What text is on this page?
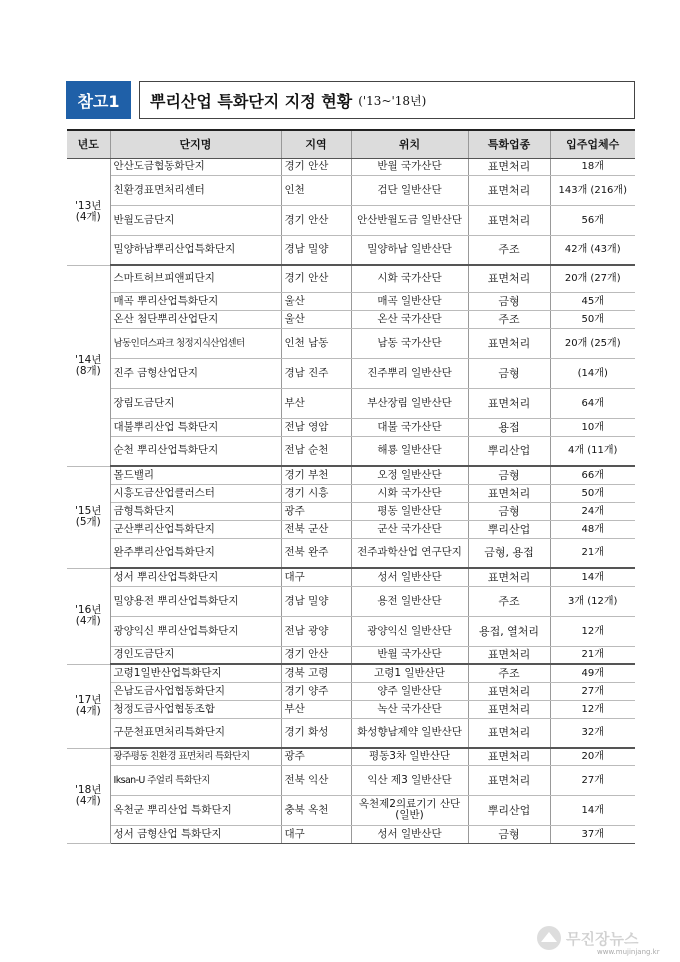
참고1	뿌리산업 특화단지 지정 현황 ('13~'18년)
년도	단지명	지역	위치	특화업종	입주업체수

'13년
(4개)	안산도금협동화단지	경기 안산	반월 국가산단	표면처리	18개
	친환경표면처리센터	인천	검단 일반산단	표면처리	143개 (216개)
	반월도금단지	경기 안산	안산반월도금 일반산단	표면처리	56개
	밀양하남뿌리산업특화단지	경남 밀양	밀양하남 일반산단	주조	42개 (43개)

'14년
(8개)	스마트허브피앤피단지	경기 안산	시화 국가산단	표면처리	20개 (27개)
	매곡 뿌리산업특화단지	울산	매곡 일반산단	금형	45개
	온산 첨단뿌리산업단지	울산	온산 국가산단	주조	50개
	남동인더스파크 청정지식산업센터	인천 남동	남동 국가산단	표면처리	20개 (25개)
	진주 금형산업단지	경남 진주	진주뿌리 일반산단	금형	(14개)
	장림도금단지	부산	부산장림 일반산단	표면처리	64개
	대불뿌리산업 특화단지	전남 영암	대불 국가산단	용접	10개
	순천 뿌리산업특화단지	전남 순천	해룡 일반산단	뿌리산업	4개 (11개)

'15년
(5개)	몰드밸리	경기 부천	오정 일반산단	금형	66개
	시흥도금산업클러스터	경기 시흥	시화 국가산단	표면처리	50개
	금형특화단지	광주	평동 일반산단	금형	24개
	군산뿌리산업특화단지	전북 군산	군산 국가산단	뿌리산업	48개
	완주뿌리산업특화단지	전북 완주	전주과학산업 연구단지	금형, 용접	21개

'16년
(4개)	성서 뿌리산업특화단지	대구	성서 일반산단	표면처리	14개
	밀양용전 뿌리산업특화단지	경남 밀양	용전 일반산단	주조	3개 (12개)
	광양익신 뿌리산업특화단지	전남 광양	광양익신 일반산단	용접, 열처리	12개
	경인도금단지	경기 안산	반월 국가산단	표면처리	21개

'17년
(4개)	고령1일반산업특화단지	경북 고령	고령1 일반산단	주조	49개
	은남도금사업협동화단지	경기 양주	양주 일반산단	표면처리	27개
	청정도금사업협동조합	부산	녹산 국가산단	표면처리	12개
	구문천표면처리특화단지	경기 화성	화성향남제약 일반산단	표면처리	32개

'18년
(4개)	광주평동 친환경 표면처리 특화단지	광주	평동3차 일반산단	표면처리	20개
	Iksan-U 주얼리 특화단지	전북 익산	익산 제3 일반산단	표면처리	27개
	옥천군 뿌리산업 특화단지	충북 옥천	옥천제2의료기기 산단(일반)	뿌리산업	14개
	성서 금형산업 특화단지	대구	성서 일반산단	금형	37개
무진장뉴스
www.mujinjang.kr
